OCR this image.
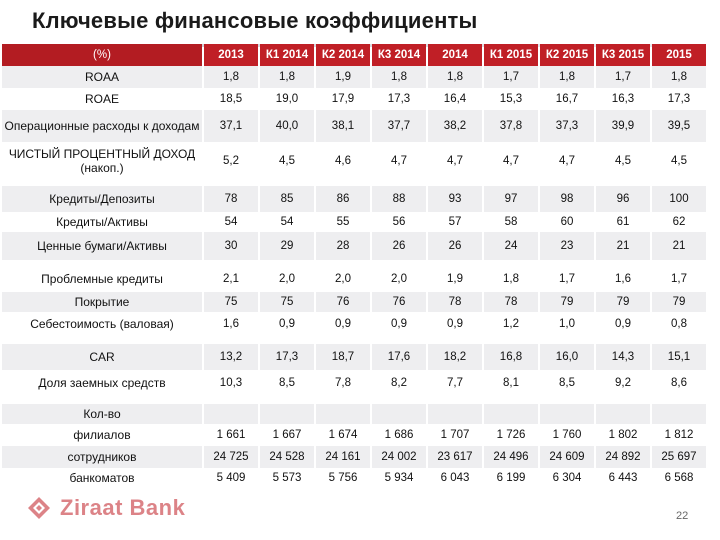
Ключевые финансовые коэффициенты
(%)	2013	К1 2014	К2 2014	К3 2014	2014	К1 2015	К2 2015	К3 2015	2015
ROAA	1,8	1,8	1,9	1,8	1,8	1,7	1,8	1,7	1,8
ROAE	18,5	19,0	17,9	17,3	16,4	15,3	16,7	16,3	17,3
Операционные расходы к доходам	37,1	40,0	38,1	37,7	38,2	37,8	37,3	39,9	39,5
ЧИСТЫЙ ПРОЦЕНТНЫЙ ДОХОД (накоп.)	5,2	4,5	4,6	4,7	4,7	4,7	4,7	4,5	4,5

Кредиты/Депозиты	78	85	86	88	93	97	98	96	100
Кредиты/Активы	54	54	55	56	57	58	60	61	62
Ценные бумаги/Активы	30	29	28	26	26	24	23	21	21

Проблемные кредиты	2,1	2,0	2,0	2,0	1,9	1,8	1,7	1,6	1,7
Покрытие	75	75	76	76	78	78	79	79	79
Себестоимость (валовая)	1,6	0,9	0,9	0,9	0,9	1,2	1,0	0,9	0,8

CAR	13,2	17,3	18,7	17,6	18,2	16,8	16,0	14,3	15,1
Доля заемных средств	10,3	8,5	7,8	8,2	7,7	8,1	8,5	9,2	8,6

Кол-во									
филиалов	1 661	1 667	1 674	1 686	1 707	1 726	1 760	1 802	1 812
сотрудников	24 725	24 528	24 161	24 002	23 617	24 496	24 609	24 892	25 697
банкоматов	5 409	5 573	5 756	5 934	6 043	6 199	6 304	6 443	6 568
Ziraat Bank	22
